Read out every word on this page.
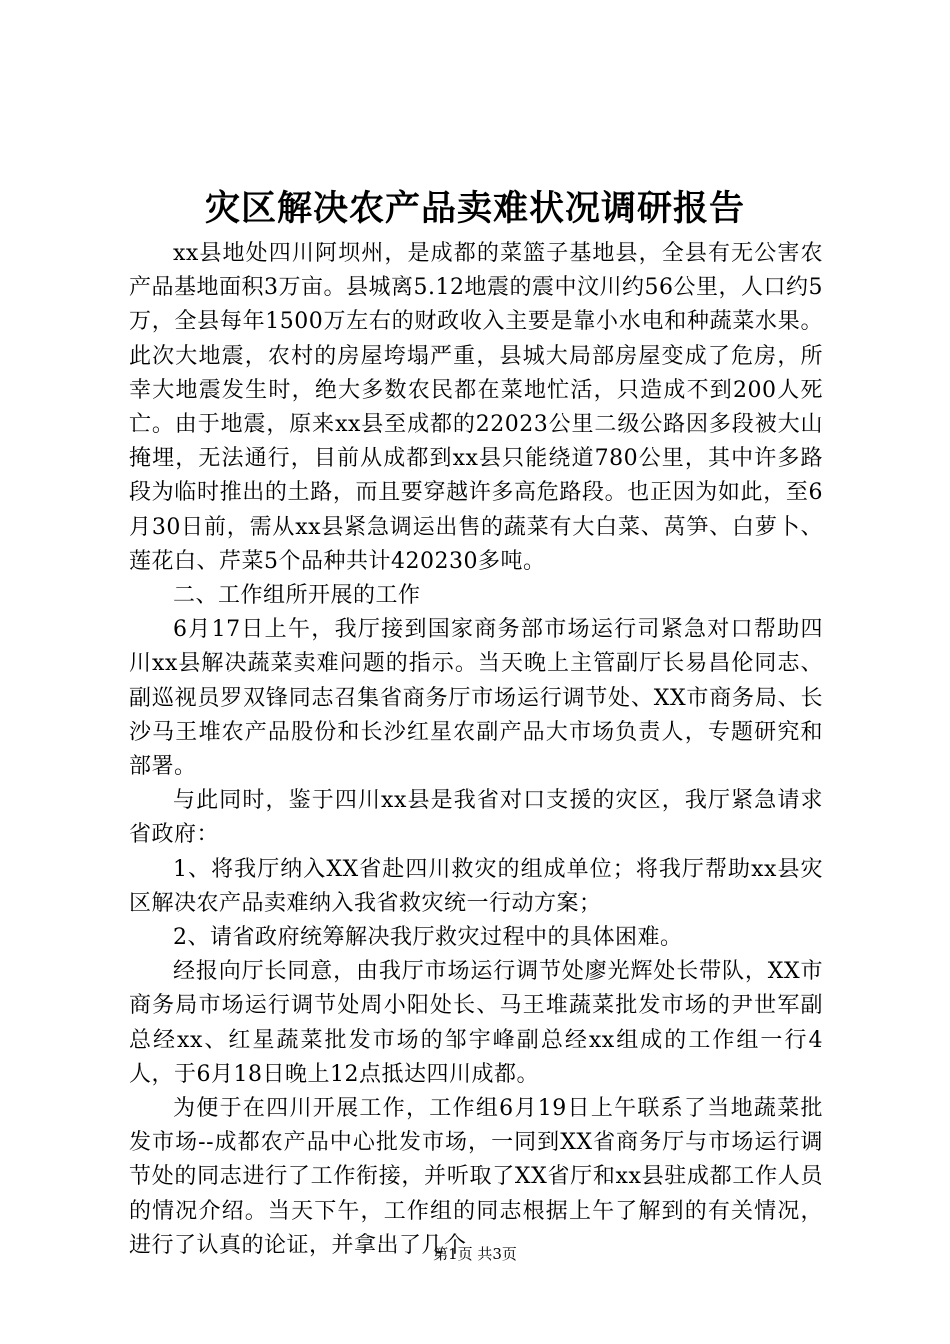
灾区解决农产品卖难状况调研报告

xx县地处四川阿坝州，是成都的菜篮子基地县，全县有无公害农产品基地面积3万亩。县城离5.12地震的震中汶川约56公里，人口约5万，全县每年1500万左右的财政收入主要是靠小水电和种蔬菜水果。此次大地震，农村的房屋垮塌严重，县城大局部房屋变成了危房，所幸大地震发生时，绝大多数农民都在菜地忙活，只造成不到200人死亡。由于地震，原来xx县至成都的22023公里二级公路因多段被大山掩埋，无法通行，目前从成都到xx县只能绕道780公里，其中许多路段为临时推出的土路，而且要穿越许多高危路段。也正因为如此，至6月30日前，需从xx县紧急调运出售的蔬菜有大白菜、莴笋、白萝卜、莲花白、芹菜5个品种共计420230多吨。

二、工作组所开展的工作

6月17日上午，我厅接到国家商务部市场运行司紧急对口帮助四川xx县解决蔬菜卖难问题的指示。当天晚上主管副厅长易昌伦同志、副巡视员罗双锋同志召集省商务厅市场运行调节处、XX市商务局、长沙马王堆农产品股份和长沙红星农副产品大市场负责人，专题研究和部署。

与此同时，鉴于四川xx县是我省对口支援的灾区，我厅紧急请求省政府：

1、将我厅纳入XX省赴四川救灾的组成单位；将我厅帮助xx县灾区解决农产品卖难纳入我省救灾统一行动方案；

2、请省政府统筹解决我厅救灾过程中的具体困难。

经报向厅长同意，由我厅市场运行调节处廖光辉处长带队，XX市商务局市场运行调节处周小阳处长、马王堆蔬菜批发市场的尹世军副总经xx、红星蔬菜批发市场的邹宇峰副总经xx组成的工作组一行4人，于6月18日晚上12点抵达四川成都。

为便于在四川开展工作，工作组6月19日上午联系了当地蔬菜批发市场--成都农产品中心批发市场，一同到XX省商务厅与市场运行调节处的同志进行了工作衔接，并听取了XX省厅和xx县驻成都工作人员的情况介绍。当天下午，工作组的同志根据上午了解到的有关情况，进行了认真的论证，并拿出了几个

第1页 共3页
